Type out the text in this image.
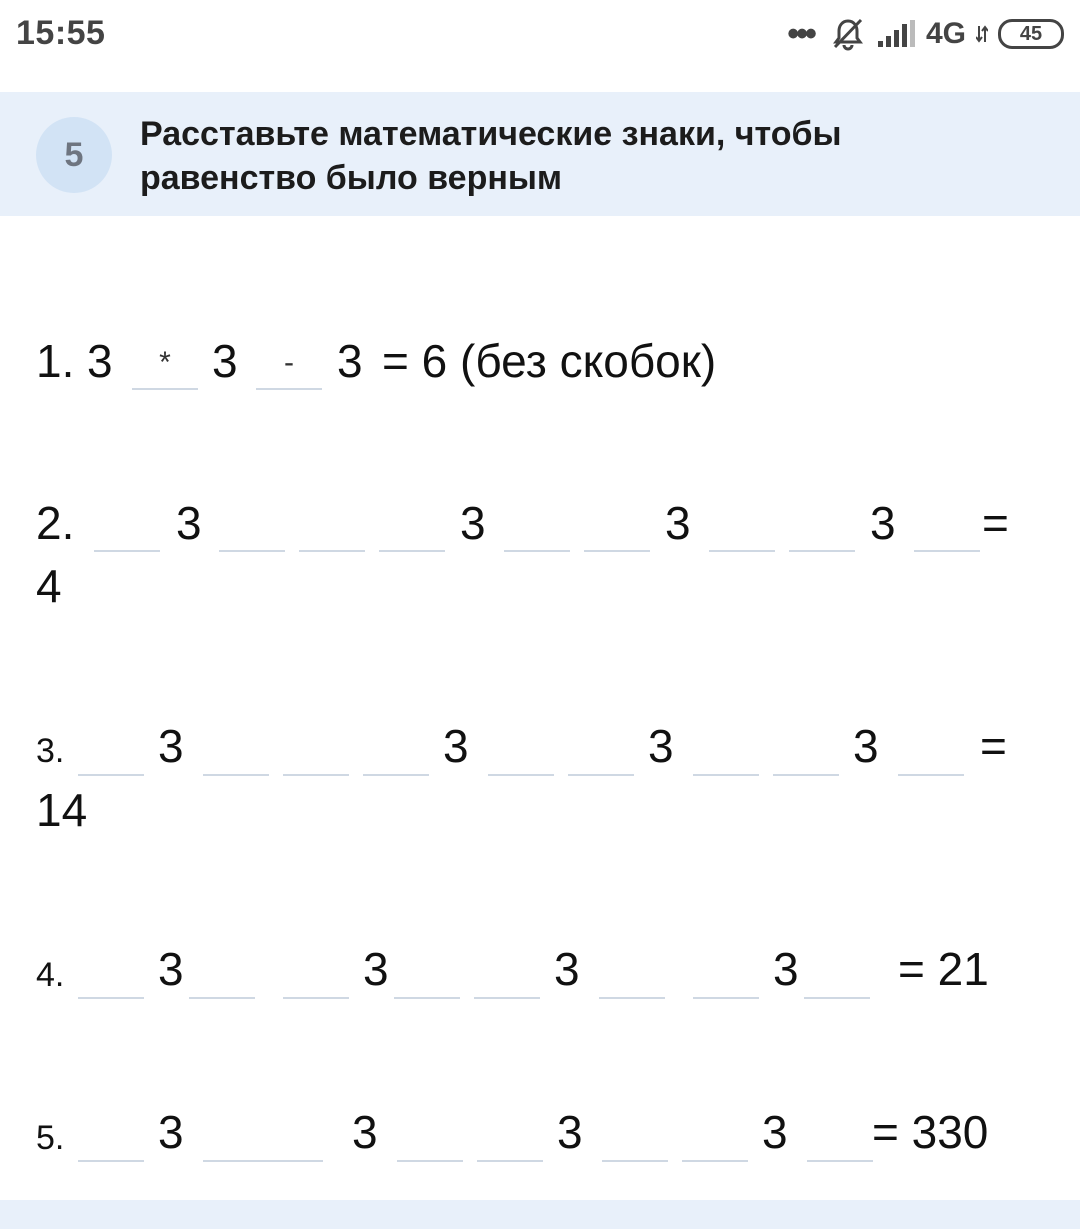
15:55	•••	4G	45
5
Расставьте математические знаки, чтобы
равенство было верным
1. 3	* 3	- 3 = 6 (без скобок)
2. 3	3	3	3 =
4
3. 3	3	3	3 =
14
4. 3	3	3	3 = 21
5. 3	3	3	3 = 330
